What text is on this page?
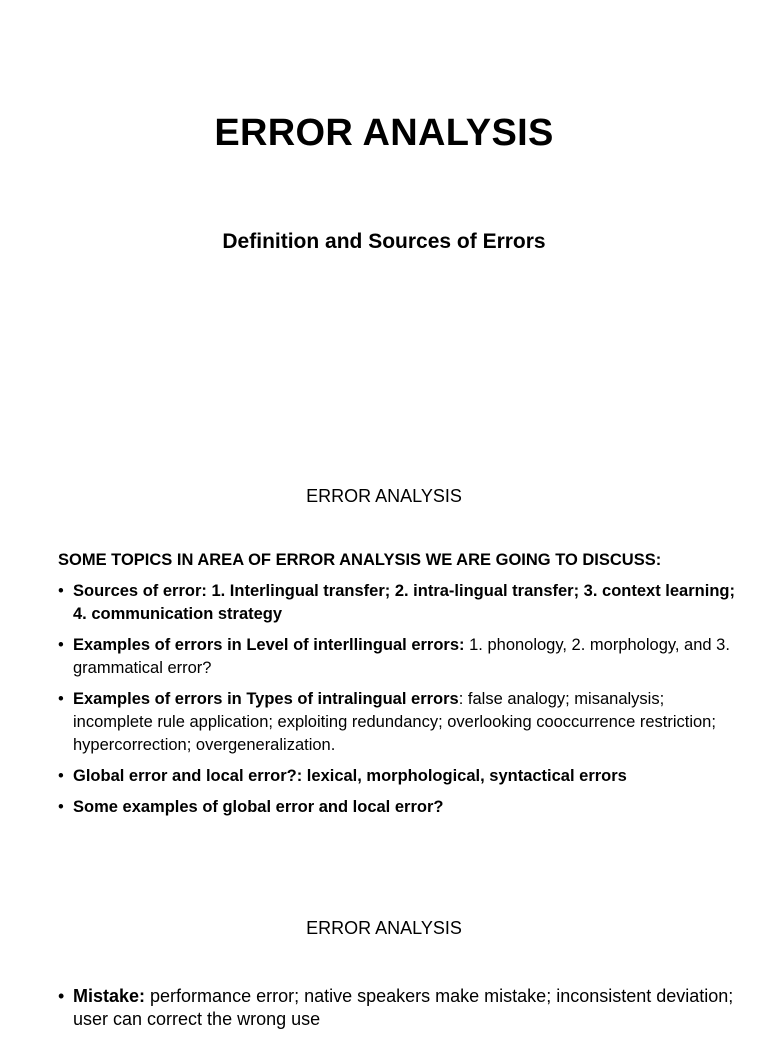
ERROR ANALYSIS
Definition and Sources of Errors
ERROR ANALYSIS
SOME TOPICS IN AREA OF ERROR ANALYSIS WE ARE GOING TO DISCUSS:
• Sources of error: 1. Interlingual transfer; 2. intra-lingual transfer; 3. context learning; 4. communication strategy
• Examples of errors in Level of interllingual errors: 1. phonology, 2. morphology, and 3. grammatical error?
• Examples of errors in Types of intralingual errors: false analogy; misanalysis; incomplete rule application; exploiting redundancy; overlooking cooccurrence restriction; hypercorrection; overgeneralization.
• Global error and local error?: lexical, morphological, syntactical errors
• Some examples of global error and local error?
ERROR ANALYSIS
• Mistake: performance error; native speakers make mistake; inconsistent deviation; user can correct the wrong use
